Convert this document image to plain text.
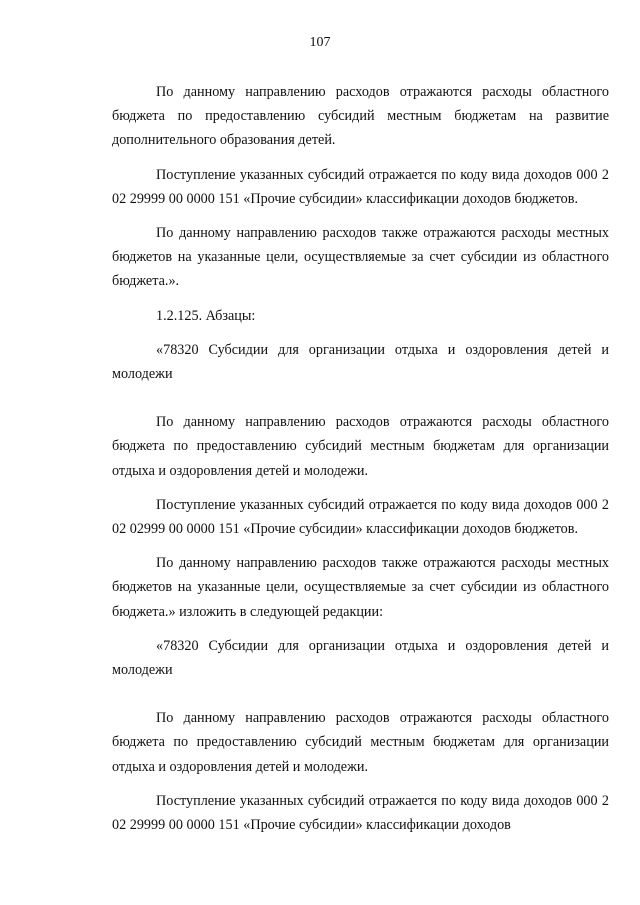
107

По данному направлению расходов отражаются расходы областного бюджета по предоставлению субсидий местным бюджетам на развитие дополнительного образования детей.

Поступление указанных субсидий отражается по коду вида доходов 000 2 02 29999 00 0000 151 «Прочие субсидии» классификации доходов бюджетов.

По данному направлению расходов также отражаются расходы местных бюджетов на указанные цели, осуществляемые за счет субсидии из областного бюджета.».

1.2.125. Абзацы:

«78320 Субсидии для организации отдыха и оздоровления детей и молодежи

По данному направлению расходов отражаются расходы областного бюджета по предоставлению субсидий местным бюджетам для организации отдыха и оздоровления детей и молодежи.

Поступление указанных субсидий отражается по коду вида доходов 000 2 02 02999 00 0000 151 «Прочие субсидии» классификации доходов бюджетов.

По данному направлению расходов также отражаются расходы местных бюджетов на указанные цели, осуществляемые за счет субсидии из областного бюджета.» изложить в следующей редакции:

«78320 Субсидии для организации отдыха и оздоровления детей и молодежи

По данному направлению расходов отражаются расходы областного бюджета по предоставлению субсидий местным бюджетам для организации отдыха и оздоровления детей и молодежи.

Поступление указанных субсидий отражается по коду вида доходов 000 2 02 29999 00 0000 151 «Прочие субсидии» классификации доходов
